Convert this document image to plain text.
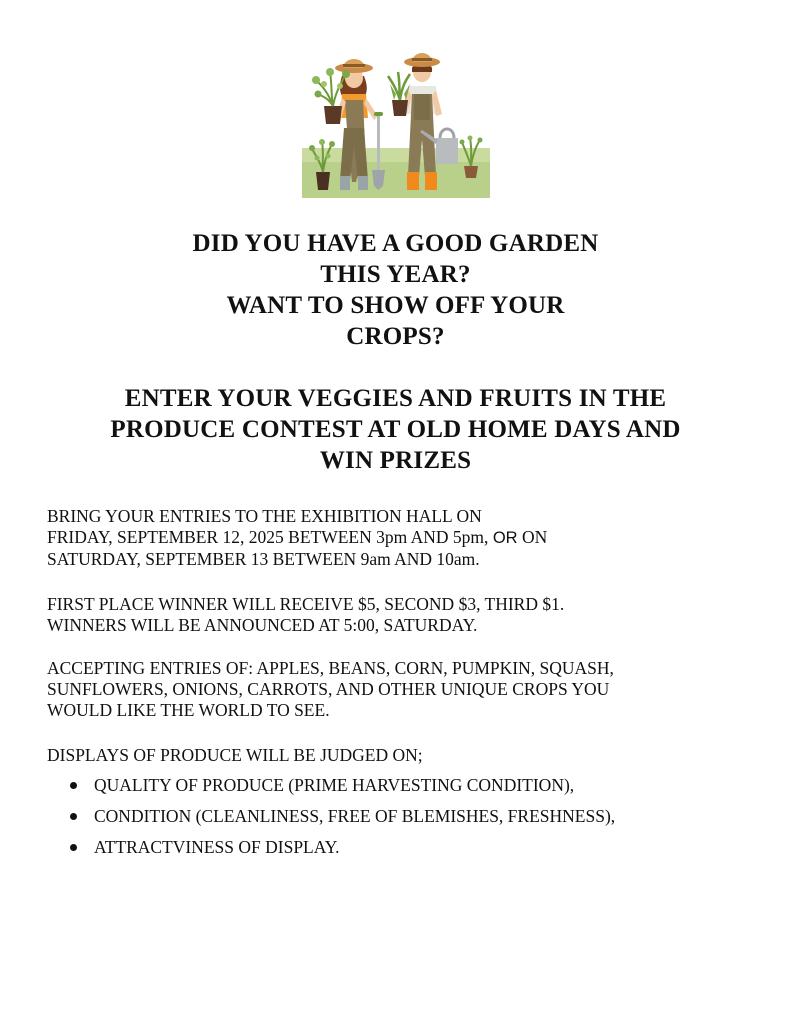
DID YOU HAVE A GOOD GARDEN
THIS YEAR?
WANT TO SHOW OFF YOUR
CROPS?
ENTER YOUR VEGGIES AND FRUITS IN THE
PRODUCE CONTEST AT OLD HOME DAYS AND
WIN PRIZES

BRING YOUR ENTRIES TO THE EXHIBITION HALL ON
FRIDAY, SEPTEMBER 12, 2025 BETWEEN 3pm AND 5pm, OR ON
SATURDAY, SEPTEMBER 13 BETWEEN 9am AND 10am.

FIRST PLACE WINNER WILL RECEIVE $5, SECOND $3, THIRD $1.
WINNERS WILL BE ANNOUNCED AT 5:00, SATURDAY.

ACCEPTING ENTRIES OF: APPLES, BEANS, CORN, PUMPKIN, SQUASH,
SUNFLOWERS, ONIONS, CARROTS, AND OTHER UNIQUE CROPS YOU
WOULD LIKE THE WORLD TO SEE.

DISPLAYS OF PRODUCE WILL BE JUDGED ON;

QUALITY OF PRODUCE (PRIME HARVESTING CONDITION),
CONDITION (CLEANLINESS, FREE OF BLEMISHES, FRESHNESS),
ATTRACTVINESS OF DISPLAY.
